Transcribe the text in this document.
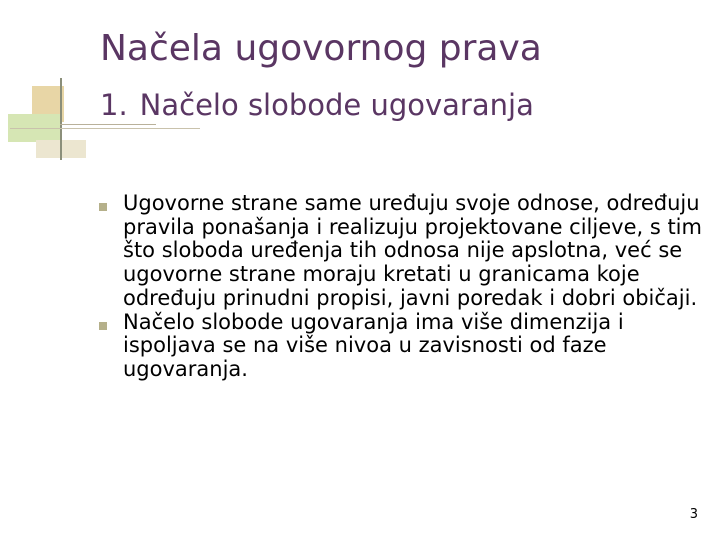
Načela ugovornog prava
1. Načelo slobode ugovaranja
Ugovorne strane same uređuju svoje odnose, određuju pravila ponašanja i realizuju projektovane ciljeve, s tim što sloboda uređenja tih odnosa nije apslotna, već se ugovorne strane moraju kretati u granicama koje određuju prinudni propisi, javni poredak i dobri običaji.
Načelo slobode ugovaranja ima više dimenzija i ispoljava se na više nivoa u zavisnosti od faze ugovaranja.
3
